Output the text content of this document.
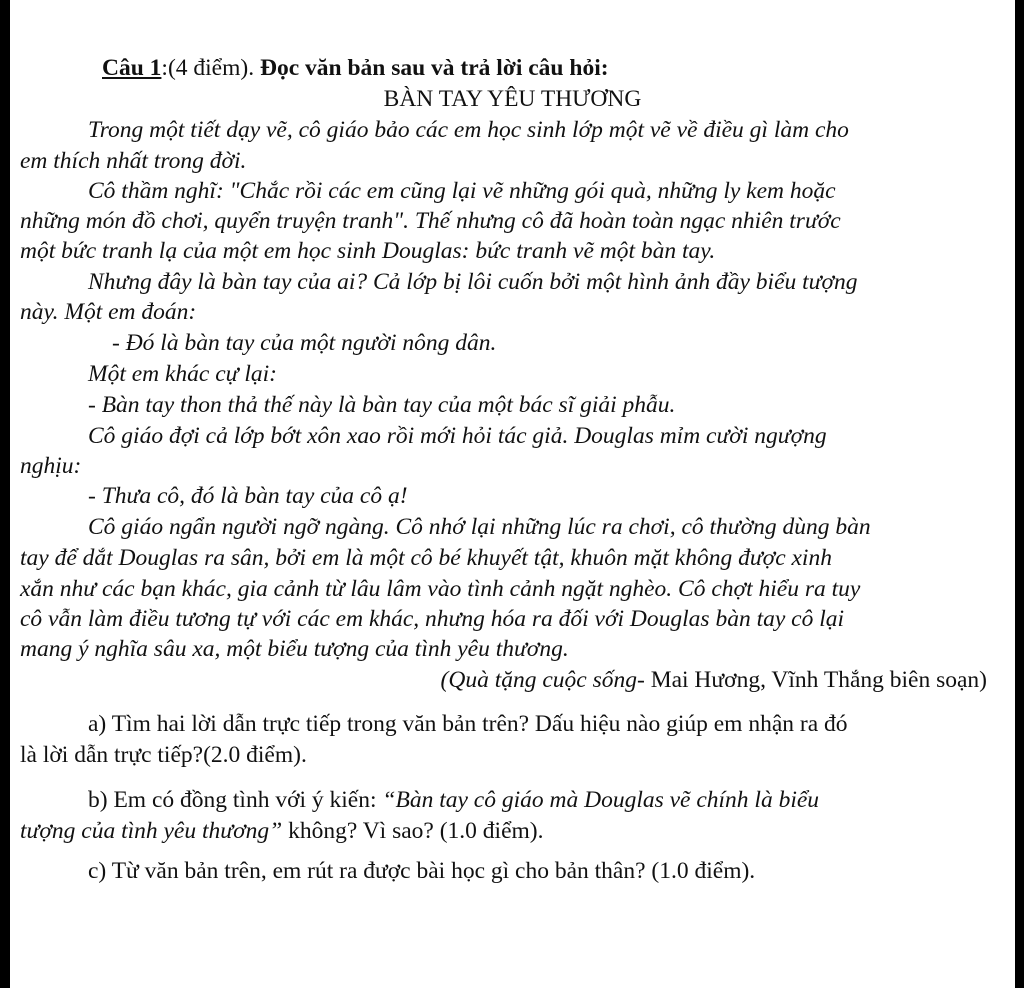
Câu 1:(4 điểm). Đọc văn bản sau và trả lời câu hỏi:
BÀN TAY YÊU THƯƠNG
Trong một tiết dạy vẽ, cô giáo bảo các em học sinh lớp một vẽ về điều gì làm cho
em thích nhất trong đời.
Cô thầm nghĩ: "Chắc rồi các em cũng lại vẽ những gói quà, những ly kem hoặc
những món đồ chơi, quyển truyện tranh". Thế nhưng cô đã hoàn toàn ngạc nhiên trước
một bức tranh lạ của một em học sinh Douglas: bức tranh vẽ một bàn tay.
Nhưng đây là bàn tay của ai? Cả lớp bị lôi cuốn bởi một hình ảnh đầy biểu tượng
này. Một em đoán:
- Đó là bàn tay của một người nông dân.
Một em khác cự lại:
- Bàn tay thon thả thế này là bàn tay của một bác sĩ giải phẫu.
Cô giáo đợi cả lớp bớt xôn xao rồi mới hỏi tác giả. Douglas mỉm cười ngượng
nghịu:
- Thưa cô, đó là bàn tay của cô ạ!
Cô giáo ngẩn người ngỡ ngàng. Cô nhớ lại những lúc ra chơi, cô thường dùng bàn
tay để dắt Douglas ra sân, bởi em là một cô bé khuyết tật, khuôn mặt không được xinh
xắn như các bạn khác, gia cảnh từ lâu lâm vào tình cảnh ngặt nghèo. Cô chợt hiểu ra tuy
cô vẫn làm điều tương tự với các em khác, nhưng hóa ra đối với Douglas bàn tay cô lại
mang ý nghĩa sâu xa, một biểu tượng của tình yêu thương.
(Quà tặng cuộc sống- Mai Hương, Vĩnh Thắng biên soạn)
a) Tìm hai lời dẫn trực tiếp trong văn bản trên? Dấu hiệu nào giúp em nhận ra đó
là lời dẫn trực tiếp?(2.0 điểm).
b) Em có đồng tình với ý kiến: “Bàn tay cô giáo mà Douglas vẽ chính là biểu
tượng của tình yêu thương” không? Vì sao? (1.0 điểm).
c) Từ văn bản trên, em rút ra được bài học gì cho bản thân? (1.0 điểm).
